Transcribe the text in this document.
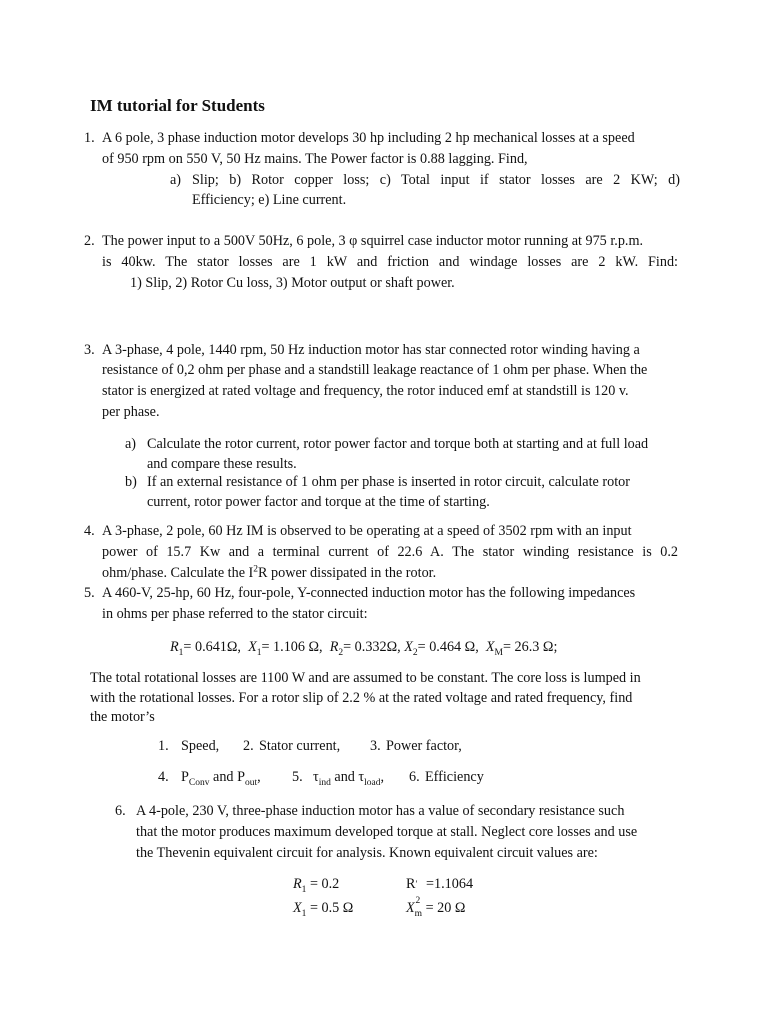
IM tutorial for Students
1. A 6 pole, 3 phase induction motor develops 30 hp including 2 hp mechanical losses at a speed
of 950 rpm on 550 V, 50 Hz mains. The Power factor is 0.88 lagging. Find,
a) Slip; b) Rotor copper loss; c) Total input if stator losses are 2 KW; d)
Efficiency; e) Line current.
2. The power input to a 500V 50Hz, 6 pole, 3 φ squirrel case inductor motor running at 975 r.p.m.
is 40kw. The stator losses are 1 kW and friction and windage losses are 2 kW. Find:
1) Slip, 2) Rotor Cu loss, 3) Motor output or shaft power.
3. A 3-phase, 4 pole, 1440 rpm, 50 Hz induction motor has star connected rotor winding having a
resistance of 0,2 ohm per phase and a standstill leakage reactance of 1 ohm per phase. When the
stator is energized at rated voltage and frequency, the rotor induced emf at standstill is 120 v.
per phase.
a) Calculate the rotor current, rotor power factor and torque both at starting and at full load
and compare these results.
b) If an external resistance of 1 ohm per phase is inserted in rotor circuit, calculate rotor
current, rotor power factor and torque at the time of starting.
4. A 3-phase, 2 pole, 60 Hz IM is observed to be operating at a speed of 3502 rpm with an input
power of 15.7 Kw and a terminal current of 22.6 A. The stator winding resistance is 0.2
ohm/phase. Calculate the $I^2R$ power dissipated in the rotor.
5. A 460-V, 25-hp, 60 Hz, four-pole, Y-connected induction motor has the following impedances
in ohms per phase referred to the stator circuit:
$R_1= 0.641\Omega$, $X_1= 1.106$ Ω, $R_2= 0.332\Omega$, $X_2= 0.464$ Ω, $X_M= 26.3$ Ω;
The total rotational losses are 1100 W and are assumed to be constant. The core loss is lumped in
with the rotational losses. For a rotor slip of 2.2 % at the rated voltage and rated frequency, find
the motor’s
1. Speed, 2. Stator current, 3. Power factor,
4. $P_{Conv}$ and $P_{out}$, 5. $\tau_{ind}$ and $\tau_{load}$, 6. Efficiency
6. A 4-pole, 230 V, three-phase induction motor has a value of secondary resistance such
that the motor produces maximum developed torque at stall. Neglect core losses and use
the Thevenin equivalent circuit for analysis. Known equivalent circuit values are:
$R_1 = 0.2$	R ′
2
=1.1064
$X_1 = 0.5$ Ω	$X_m = 20$ Ω
